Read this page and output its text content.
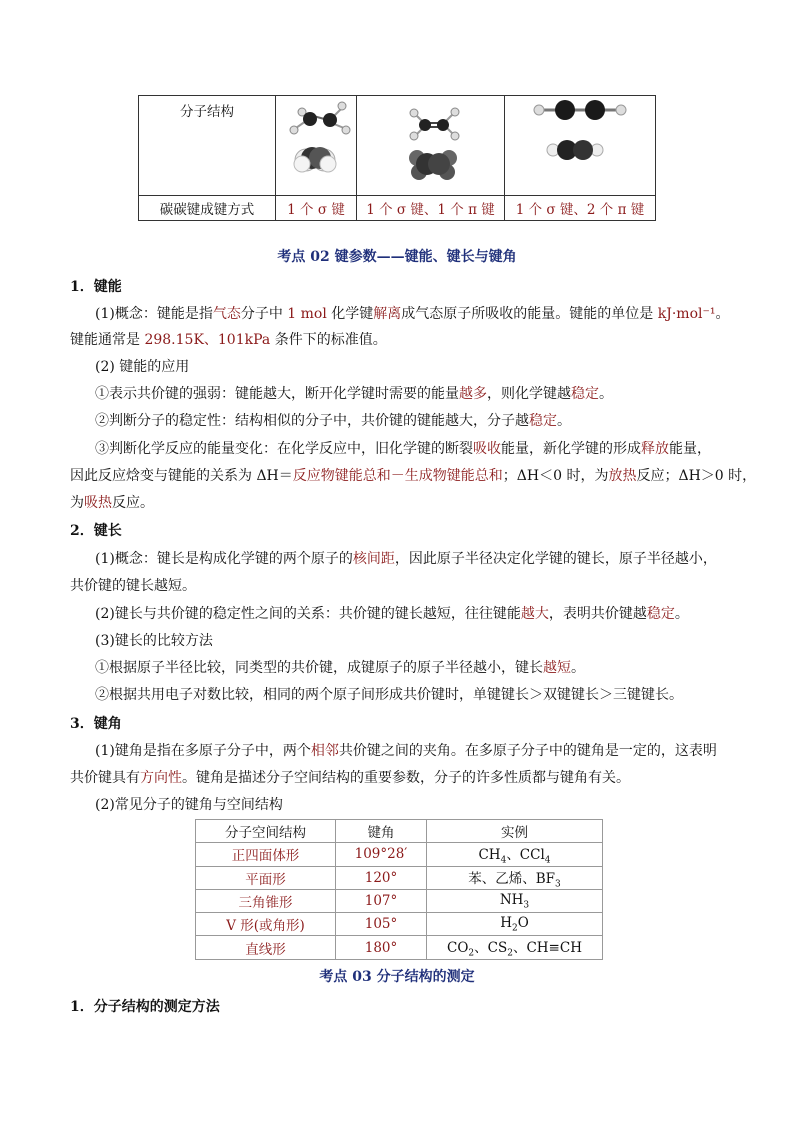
分子结构			
碳碳键成键方式	1 个 σ 键	1 个 σ 键、1 个 π 键	1 个 σ 键、2 个 π 键
考点 02 键参数——键能、键长与键角
1．键能
(1)概念：键能是指气态分子中 1 mol 化学键解离成气态原子所吸收的能量。键能的单位是 kJ·mol⁻¹。
键能通常是 298.15K、101kPa 条件下的标准值。
(2) 键能的应用
①表示共价键的强弱：键能越大，断开化学键时需要的能量越多，则化学键越稳定。
②判断分子的稳定性：结构相似的分子中，共价键的键能越大，分子越稳定。
③判断化学反应的能量变化：在化学反应中，旧化学键的断裂吸收能量，新化学键的形成释放能量，
因此反应焓变与键能的关系为 ΔH＝反应物键能总和－生成物键能总和；ΔH＜0 时，为放热反应；ΔH＞0 时，
为吸热反应。
2．键长
(1)概念：键长是构成化学键的两个原子的核间距，因此原子半径决定化学键的键长，原子半径越小，
共价键的键长越短。
(2)键长与共价键的稳定性之间的关系：共价键的键长越短，往往键能越大，表明共价键越稳定。
(3)键长的比较方法
①根据原子半径比较，同类型的共价键，成键原子的原子半径越小，键长越短。
②根据共用电子对数比较，相同的两个原子间形成共价键时，单键键长＞双键键长＞三键键长。
3．键角
(1)键角是指在多原子分子中，两个相邻共价键之间的夹角。在多原子分子中的键角是一定的，这表明
共价键具有方向性。键角是描述分子空间结构的重要参数，分子的许多性质都与键角有关。
(2)常见分子的键角与空间结构
分子空间结构	键角	实例
正四面体形	109°28′	$CH_4$、CCl$_4$
平面形	120°	苯、乙烯、$BF_3$
三角锥形	107°	$NH_3$
V 形(或角形)	105°	$H_2O$
直线形	180°	$CO_2$、$CS_2$、CH≡CH
考点 03 分子结构的测定
1．分子结构的测定方法
